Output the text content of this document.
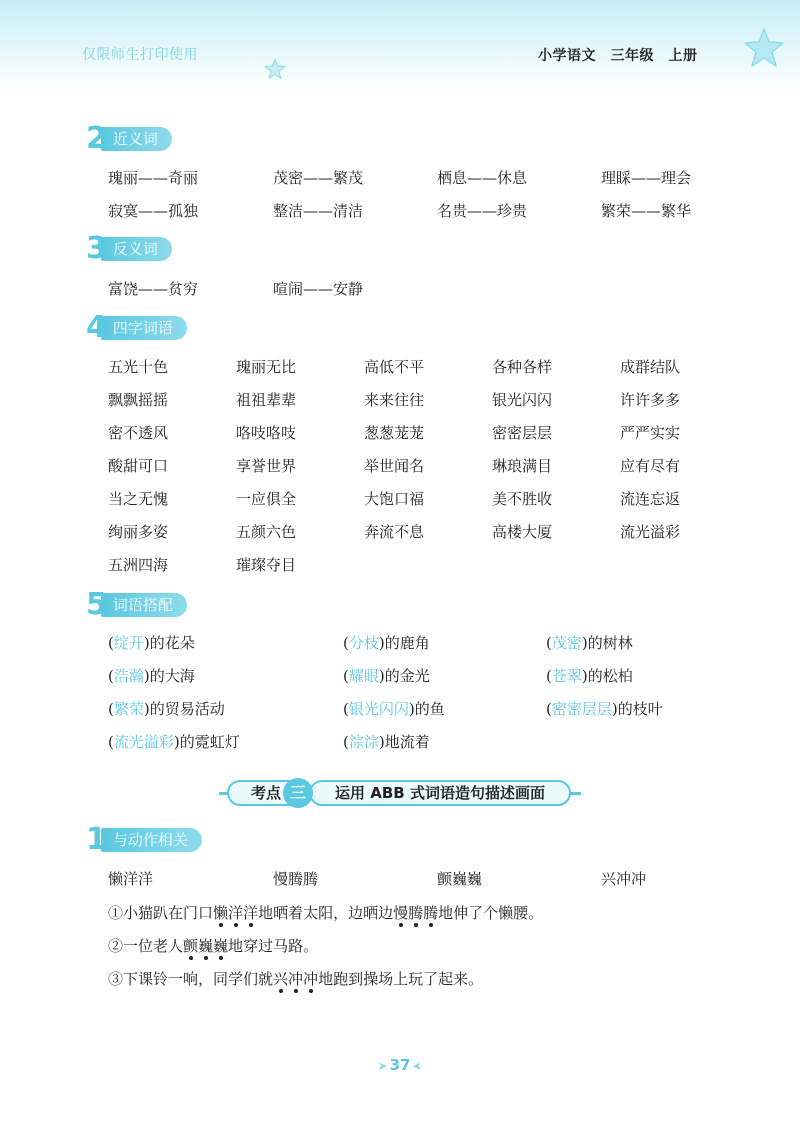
仅限师生打印使用	小学语文　三年级　上册
2 近义词
瑰丽——奇丽	茂密——繁茂	栖息——休息	理睬——理会
寂寞——孤独	整洁——清洁	名贵——珍贵	繁荣——繁华
3 反义词
富饶——贫穷	喧闹——安静
4 四字词语
五光十色	瑰丽无比	高低不平	各种各样	成群结队
飘飘摇摇	祖祖辈辈	来来往往	银光闪闪	许许多多
密不透风	咯吱咯吱	葱葱茏茏	密密层层	严严实实
酸甜可口	享誉世界	举世闻名	琳琅满目	应有尽有
当之无愧	一应俱全	大饱口福	美不胜收	流连忘返
绚丽多姿	五颜六色	奔流不息	高楼大厦	流光溢彩
五洲四海	璀璨夺目
5 词语搭配
(绽开)的花朵	(分枝)的鹿角	(茂密)的树林
(浩瀚)的大海	(耀眼)的金光	(苍翠)的松柏
(繁荣)的贸易活动	(银光闪闪)的鱼	(密密层层)的枝叶
(流光溢彩)的霓虹灯	(淙淙)地流着
考点 三	运用 ABB 式词语造句描述画面
1 与动作相关
懒洋洋	慢腾腾	颤巍巍	兴冲冲
①小猫趴在门口懒洋洋地晒着太阳，边晒边慢腾腾地伸了个懒腰。
②一位老人颤巍巍地穿过马路。
③下课铃一响，同学们就兴冲冲地跑到操场上玩了起来。
➤ 37 ➤
